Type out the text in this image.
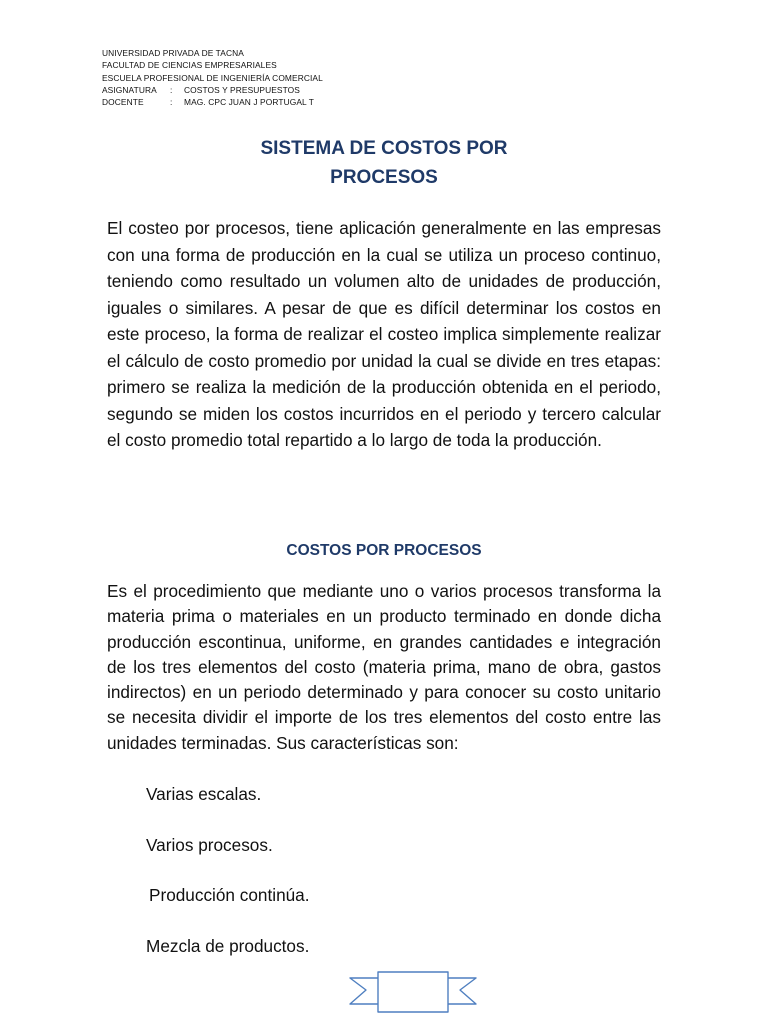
UNIVERSIDAD PRIVADA DE TACNA
FACULTAD DE CIENCIAS EMPRESARIALES
ESCUELA PROFESIONAL DE INGENIERÍA COMERCIAL
ASIGNATURA : COSTOS Y PRESUPUESTOS
DOCENTE	: MAG. CPC JUAN J PORTUGAL T
SISTEMA DE COSTOS POR
PROCESOS

El costeo por procesos, tiene aplicación generalmente en las empresas con una forma de producción en la cual se utiliza un proceso continuo, teniendo como resultado un volumen alto de unidades de producción, iguales o similares. A pesar de que es difícil determinar los costos en este proceso, la forma de realizar el costeo implica simplemente realizar el cálculo de costo promedio por unidad la cual se divide en tres etapas: primero se realiza la medición de la producción obtenida en el periodo, segundo se miden los costos incurridos en el periodo y tercero calcular el costo promedio total repartido a lo largo de toda la producción.

COSTOS POR PROCESOS

Es el procedimiento que mediante uno o varios procesos transforma la materia prima o materiales en un producto terminado en donde dicha producción escontinua, uniforme, en grandes cantidades e integración de los tres elementos del costo (materia prima, mano de obra, gastos indirectos) en un periodo determinado y para conocer su costo unitario se necesita dividir el importe de los tres elementos del costo entre las unidades terminadas. Sus características son:

Varias escalas.
Varios procesos.
Producción continúa.
Mezcla de productos.
